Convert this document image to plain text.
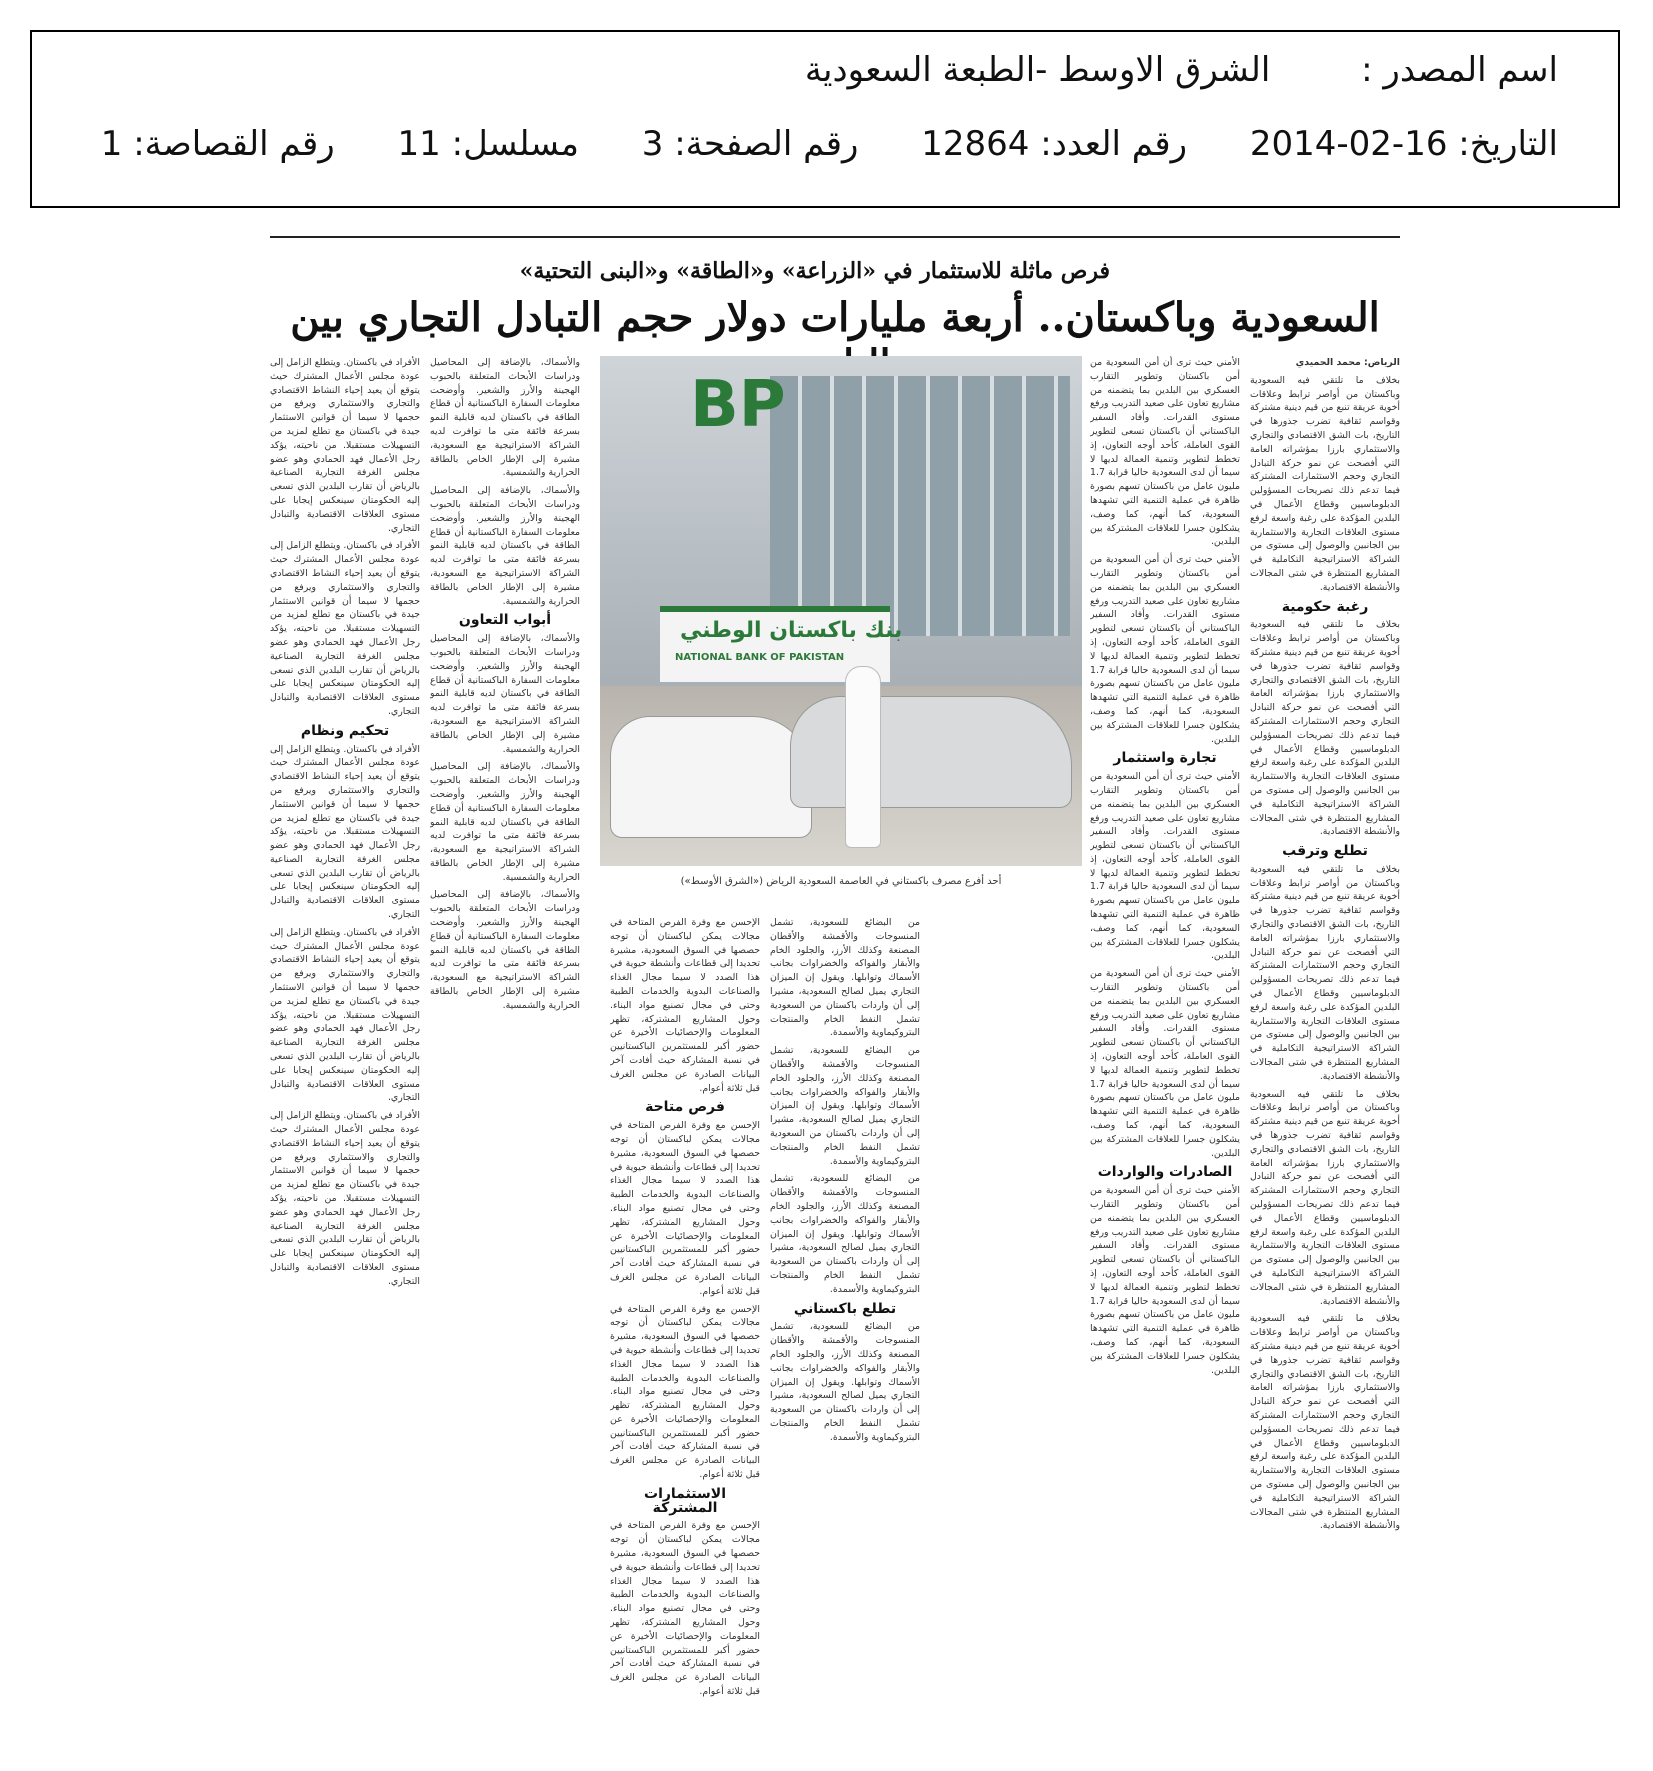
اسم المصدر : الشرق الاوسط -الطبعة السعودية
التاريخ: 16-02-2014 رقم العدد: 12864 رقم الصفحة: 3 مسلسل: 11 رقم القصاصة: 1
فرص ماثلة للاستثمار في «الزراعة» و«الطاقة» و«البنى التحتية»
السعودية وباكستان.. أربعة مليارات دولار حجم التبادل التجاري بين

الرياض: محمد الحميدي

بخلاف ما تلتقي فيه السعودية وباكستان من أواصر ترابط وعلاقات أخوية عريقة تنبع من قيم دينية مشتركة وقواسم ثقافية تضرب جذورها في التاريخ، بات الشق الاقتصادي والتجاري والاستثماري بارزا بمؤشراته العامة التي أفصحت عن نمو حركة التبادل التجاري وحجم الاستثمارات المشتركة فيما تدعم ذلك تصريحات المسؤولين الدبلوماسيين وقطاع الأعمال في البلدين المؤكدة على رغبة واسعة لرفع مستوى العلاقات التجارية والاستثمارية بين الجانبين والوصول إلى مستوى من الشراكة الاستراتيجية التكاملية في المشاريع المنتظرة في شتى المجالات والأنشطة الاقتصادية.

رغبة حكومية

بخلاف ما تلتقي فيه السعودية وباكستان من أواصر ترابط وعلاقات أخوية عريقة تنبع من قيم دينية مشتركة وقواسم ثقافية تضرب جذورها في التاريخ، بات الشق الاقتصادي والتجاري والاستثماري بارزا بمؤشراته العامة التي أفصحت عن نمو حركة التبادل التجاري وحجم الاستثمارات المشتركة فيما تدعم ذلك تصريحات المسؤولين الدبلوماسيين وقطاع الأعمال في البلدين المؤكدة على رغبة واسعة لرفع مستوى العلاقات التجارية والاستثمارية بين الجانبين والوصول إلى مستوى من الشراكة الاستراتيجية التكاملية في المشاريع المنتظرة في شتى المجالات والأنشطة الاقتصادية.

تطلع وترقب

بخلاف ما تلتقي فيه السعودية وباكستان من أواصر ترابط وعلاقات أخوية عريقة تنبع من قيم دينية مشتركة وقواسم ثقافية تضرب جذورها في التاريخ، بات الشق الاقتصادي والتجاري والاستثماري بارزا بمؤشراته العامة التي أفصحت عن نمو حركة التبادل التجاري وحجم الاستثمارات المشتركة فيما تدعم ذلك تصريحات المسؤولين الدبلوماسيين وقطاع الأعمال في البلدين المؤكدة على رغبة واسعة لرفع مستوى العلاقات التجارية والاستثمارية بين الجانبين والوصول إلى مستوى من الشراكة الاستراتيجية التكاملية في المشاريع المنتظرة في شتى المجالات والأنشطة الاقتصادية.

بخلاف ما تلتقي فيه السعودية وباكستان من أواصر ترابط وعلاقات أخوية عريقة تنبع من قيم دينية مشتركة وقواسم ثقافية تضرب جذورها في التاريخ، بات الشق الاقتصادي والتجاري والاستثماري بارزا بمؤشراته العامة التي أفصحت عن نمو حركة التبادل التجاري وحجم الاستثمارات المشتركة فيما تدعم ذلك تصريحات المسؤولين الدبلوماسيين وقطاع الأعمال في البلدين المؤكدة على رغبة واسعة لرفع مستوى العلاقات التجارية والاستثمارية بين الجانبين والوصول إلى مستوى من الشراكة الاستراتيجية التكاملية في المشاريع المنتظرة في شتى المجالات والأنشطة الاقتصادية.

بخلاف ما تلتقي فيه السعودية وباكستان من أواصر ترابط وعلاقات أخوية عريقة تنبع من قيم دينية مشتركة وقواسم ثقافية تضرب جذورها في التاريخ، بات الشق الاقتصادي والتجاري والاستثماري بارزا بمؤشراته العامة التي أفصحت عن نمو حركة التبادل التجاري وحجم الاستثمارات المشتركة فيما تدعم ذلك تصريحات المسؤولين الدبلوماسيين وقطاع الأعمال في البلدين المؤكدة على رغبة واسعة لرفع مستوى العلاقات التجارية والاستثمارية بين الجانبين والوصول إلى مستوى من الشراكة الاستراتيجية التكاملية في المشاريع المنتظرة في شتى المجالات والأنشطة الاقتصادية.

الأمني حيث ترى أن أمن السعودية من أمن باكستان وتطوير التقارب العسكري بين البلدين بما يتضمنه من مشاريع تعاون على صعيد التدريب ورفع مستوى القدرات. وأفاد السفير الباكستاني أن باكستان تسعى لتطوير القوى العاملة، كأحد أوجه التعاون، إذ تخطط لتطوير وتنمية العمالة لديها لا سيما أن لدى السعودية حاليا قرابة 1.7 مليون عامل من باكستان تسهم بصورة ظاهرة في عملية التنمية التي تشهدها السعودية، كما أنهم، كما وصف، يشكلون جسرا للعلاقات المشتركة بين البلدين.

الأمني حيث ترى أن أمن السعودية من أمن باكستان وتطوير التقارب العسكري بين البلدين بما يتضمنه من مشاريع تعاون على صعيد التدريب ورفع مستوى القدرات. وأفاد السفير الباكستاني أن باكستان تسعى لتطوير القوى العاملة، كأحد أوجه التعاون، إذ تخطط لتطوير وتنمية العمالة لديها لا سيما أن لدى السعودية حاليا قرابة 1.7 مليون عامل من باكستان تسهم بصورة ظاهرة في عملية التنمية التي تشهدها السعودية، كما أنهم، كما وصف، يشكلون جسرا للعلاقات المشتركة بين البلدين.

تجارة واستثمار

الأمني حيث ترى أن أمن السعودية من أمن باكستان وتطوير التقارب العسكري بين البلدين بما يتضمنه من مشاريع تعاون على صعيد التدريب ورفع مستوى القدرات. وأفاد السفير الباكستاني أن باكستان تسعى لتطوير القوى العاملة، كأحد أوجه التعاون، إذ تخطط لتطوير وتنمية العمالة لديها لا سيما أن لدى السعودية حاليا قرابة 1.7 مليون عامل من باكستان تسهم بصورة ظاهرة في عملية التنمية التي تشهدها السعودية، كما أنهم، كما وصف، يشكلون جسرا للعلاقات المشتركة بين البلدين.

الأمني حيث ترى أن أمن السعودية من أمن باكستان وتطوير التقارب العسكري بين البلدين بما يتضمنه من مشاريع تعاون على صعيد التدريب ورفع مستوى القدرات. وأفاد السفير الباكستاني أن باكستان تسعى لتطوير القوى العاملة، كأحد أوجه التعاون، إذ تخطط لتطوير وتنمية العمالة لديها لا سيما أن لدى السعودية حاليا قرابة 1.7 مليون عامل من باكستان تسهم بصورة ظاهرة في عملية التنمية التي تشهدها السعودية، كما أنهم، كما وصف، يشكلون جسرا للعلاقات المشتركة بين البلدين.

الصادرات والواردات

الأمني حيث ترى أن أمن السعودية من أمن باكستان وتطوير التقارب العسكري بين البلدين بما يتضمنه من مشاريع تعاون على صعيد التدريب ورفع مستوى القدرات. وأفاد السفير الباكستاني أن باكستان تسعى لتطوير القوى العاملة، كأحد أوجه التعاون، إذ تخطط لتطوير وتنمية العمالة لديها لا سيما أن لدى السعودية حاليا قرابة 1.7 مليون عامل من باكستان تسهم بصورة ظاهرة في عملية التنمية التي تشهدها السعودية، كما أنهم، كما وصف، يشكلون جسرا للعلاقات المشتركة بين البلدين.

BP
بنك باكستان الوطني
NATIONAL BANK OF PAKISTAN
أحد أفرع مصرف باكستاني في العاصمة السعودية الرياض («الشرق الأوسط»)

من البضائع للسعودية، تشمل المنسوجات والأقمشة والأقطان المصنعة وكذلك الأرز، والجلود الخام والأبقار والفواكه والخضراوات بجانب الأسماك وتوابلها. ويقول إن الميزان التجاري يميل لصالح السعودية، مشيرا إلى أن واردات باكستان من السعودية تشمل النفط الخام والمنتجات البتروكيماوية والأسمدة.

من البضائع للسعودية، تشمل المنسوجات والأقمشة والأقطان المصنعة وكذلك الأرز، والجلود الخام والأبقار والفواكه والخضراوات بجانب الأسماك وتوابلها. ويقول إن الميزان التجاري يميل لصالح السعودية، مشيرا إلى أن واردات باكستان من السعودية تشمل النفط الخام والمنتجات البتروكيماوية والأسمدة.

من البضائع للسعودية، تشمل المنسوجات والأقمشة والأقطان المصنعة وكذلك الأرز، والجلود الخام والأبقار والفواكه والخضراوات بجانب الأسماك وتوابلها. ويقول إن الميزان التجاري يميل لصالح السعودية، مشيرا إلى أن واردات باكستان من السعودية تشمل النفط الخام والمنتجات البتروكيماوية والأسمدة.

تطلع باكستاني

من البضائع للسعودية، تشمل المنسوجات والأقمشة والأقطان المصنعة وكذلك الأرز، والجلود الخام والأبقار والفواكه والخضراوات بجانب الأسماك وتوابلها. ويقول إن الميزان التجاري يميل لصالح السعودية، مشيرا إلى أن واردات باكستان من السعودية تشمل النفط الخام والمنتجات البتروكيماوية والأسمدة.

الإحسن مع وفرة الفرص المتاحة في مجالات يمكن لباكستان أن توجه حصصها في السوق السعودية، مشيرة تحديدا إلى قطاعات وأنشطة حيوية في هذا الصدد لا سيما مجال الغذاء والصناعات البدوية والخدمات الطبية وحتى في مجال تصنيع مواد البناء. وحول المشاريع المشتركة، تظهر المعلومات والإحصائيات الأخيرة عن حضور أكبر للمستثمرين الباكستانيين في نسبة المشاركة حيث أفادت آخر البيانات الصادرة عن مجلس الغرف قبل ثلاثة أعوام.

فرص متاحة

الإحسن مع وفرة الفرص المتاحة في مجالات يمكن لباكستان أن توجه حصصها في السوق السعودية، مشيرة تحديدا إلى قطاعات وأنشطة حيوية في هذا الصدد لا سيما مجال الغذاء والصناعات البدوية والخدمات الطبية وحتى في مجال تصنيع مواد البناء. وحول المشاريع المشتركة، تظهر المعلومات والإحصائيات الأخيرة عن حضور أكبر للمستثمرين الباكستانيين في نسبة المشاركة حيث أفادت آخر البيانات الصادرة عن مجلس الغرف قبل ثلاثة أعوام.

الإحسن مع وفرة الفرص المتاحة في مجالات يمكن لباكستان أن توجه حصصها في السوق السعودية، مشيرة تحديدا إلى قطاعات وأنشطة حيوية في هذا الصدد لا سيما مجال الغذاء والصناعات البدوية والخدمات الطبية وحتى في مجال تصنيع مواد البناء. وحول المشاريع المشتركة، تظهر المعلومات والإحصائيات الأخيرة عن حضور أكبر للمستثمرين الباكستانيين في نسبة المشاركة حيث أفادت آخر البيانات الصادرة عن مجلس الغرف قبل ثلاثة أعوام.

الاستثمارات المشتركة

الإحسن مع وفرة الفرص المتاحة في مجالات يمكن لباكستان أن توجه حصصها في السوق السعودية، مشيرة تحديدا إلى قطاعات وأنشطة حيوية في هذا الصدد لا سيما مجال الغذاء والصناعات البدوية والخدمات الطبية وحتى في مجال تصنيع مواد البناء. وحول المشاريع المشتركة، تظهر المعلومات والإحصائيات الأخيرة عن حضور أكبر للمستثمرين الباكستانيين في نسبة المشاركة حيث أفادت آخر البيانات الصادرة عن مجلس الغرف قبل ثلاثة أعوام.

والأسماك، بالإضافة إلى المحاصيل ودراسات الأبحاث المتعلقة بالحبوب الهجينة والأرز والشعير. وأوضحت معلومات السفارة الباكستانية أن قطاع الطاقة في باكستان لديه قابلية النمو بسرعة فائقة متى ما توافرت لديه الشراكة الاستراتيجية مع السعودية، مشيرة إلى الإطار الخاص بالطاقة الحرارية والشمسية.

والأسماك، بالإضافة إلى المحاصيل ودراسات الأبحاث المتعلقة بالحبوب الهجينة والأرز والشعير. وأوضحت معلومات السفارة الباكستانية أن قطاع الطاقة في باكستان لديه قابلية النمو بسرعة فائقة متى ما توافرت لديه الشراكة الاستراتيجية مع السعودية، مشيرة إلى الإطار الخاص بالطاقة الحرارية والشمسية.

أبواب التعاون

والأسماك، بالإضافة إلى المحاصيل ودراسات الأبحاث المتعلقة بالحبوب الهجينة والأرز والشعير. وأوضحت معلومات السفارة الباكستانية أن قطاع الطاقة في باكستان لديه قابلية النمو بسرعة فائقة متى ما توافرت لديه الشراكة الاستراتيجية مع السعودية، مشيرة إلى الإطار الخاص بالطاقة الحرارية والشمسية.

والأسماك، بالإضافة إلى المحاصيل ودراسات الأبحاث المتعلقة بالحبوب الهجينة والأرز والشعير. وأوضحت معلومات السفارة الباكستانية أن قطاع الطاقة في باكستان لديه قابلية النمو بسرعة فائقة متى ما توافرت لديه الشراكة الاستراتيجية مع السعودية، مشيرة إلى الإطار الخاص بالطاقة الحرارية والشمسية.

والأسماك، بالإضافة إلى المحاصيل ودراسات الأبحاث المتعلقة بالحبوب الهجينة والأرز والشعير. وأوضحت معلومات السفارة الباكستانية أن قطاع الطاقة في باكستان لديه قابلية النمو بسرعة فائقة متى ما توافرت لديه الشراكة الاستراتيجية مع السعودية، مشيرة إلى الإطار الخاص بالطاقة الحرارية والشمسية.

الأفراد في باكستان. ويتطلع الزامل إلى عودة مجلس الأعمال المشترك حيث يتوقع أن يعيد إحياء النشاط الاقتصادي والتجاري والاستثماري ويرفع من حجمها لا سيما أن قوانين الاستثمار جيدة في باكستان مع تطلع لمزيد من التسهيلات مستقبلا. من ناحيته، يؤكد رجل الأعمال فهد الحمادي وهو عضو مجلس الغرفة التجارية الصناعية بالرياض أن تقارب البلدين الذي تسعى إليه الحكومتان سينعكس إيجابا على مستوى العلاقات الاقتصادية والتبادل التجاري.

الأفراد في باكستان. ويتطلع الزامل إلى عودة مجلس الأعمال المشترك حيث يتوقع أن يعيد إحياء النشاط الاقتصادي والتجاري والاستثماري ويرفع من حجمها لا سيما أن قوانين الاستثمار جيدة في باكستان مع تطلع لمزيد من التسهيلات مستقبلا. من ناحيته، يؤكد رجل الأعمال فهد الحمادي وهو عضو مجلس الغرفة التجارية الصناعية بالرياض أن تقارب البلدين الذي تسعى إليه الحكومتان سينعكس إيجابا على مستوى العلاقات الاقتصادية والتبادل التجاري.

تحكيم ونظام

الأفراد في باكستان. ويتطلع الزامل إلى عودة مجلس الأعمال المشترك حيث يتوقع أن يعيد إحياء النشاط الاقتصادي والتجاري والاستثماري ويرفع من حجمها لا سيما أن قوانين الاستثمار جيدة في باكستان مع تطلع لمزيد من التسهيلات مستقبلا. من ناحيته، يؤكد رجل الأعمال فهد الحمادي وهو عضو مجلس الغرفة التجارية الصناعية بالرياض أن تقارب البلدين الذي تسعى إليه الحكومتان سينعكس إيجابا على مستوى العلاقات الاقتصادية والتبادل التجاري.

الأفراد في باكستان. ويتطلع الزامل إلى عودة مجلس الأعمال المشترك حيث يتوقع أن يعيد إحياء النشاط الاقتصادي والتجاري والاستثماري ويرفع من حجمها لا سيما أن قوانين الاستثمار جيدة في باكستان مع تطلع لمزيد من التسهيلات مستقبلا. من ناحيته، يؤكد رجل الأعمال فهد الحمادي وهو عضو مجلس الغرفة التجارية الصناعية بالرياض أن تقارب البلدين الذي تسعى إليه الحكومتان سينعكس إيجابا على مستوى العلاقات الاقتصادية والتبادل التجاري.

الأفراد في باكستان. ويتطلع الزامل إلى عودة مجلس الأعمال المشترك حيث يتوقع أن يعيد إحياء النشاط الاقتصادي والتجاري والاستثماري ويرفع من حجمها لا سيما أن قوانين الاستثمار جيدة في باكستان مع تطلع لمزيد من التسهيلات مستقبلا. من ناحيته، يؤكد رجل الأعمال فهد الحمادي وهو عضو مجلس الغرفة التجارية الصناعية بالرياض أن تقارب البلدين الذي تسعى إليه الحكومتان سينعكس إيجابا على مستوى العلاقات الاقتصادية والتبادل التجاري.
